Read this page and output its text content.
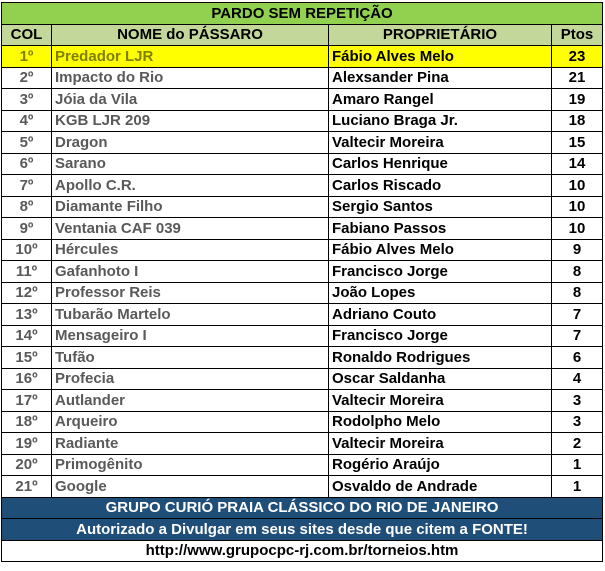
PARDO SEM REPETIÇÃO			
COL	NOME do PÁSSARO	PROPRIETÁRIO	Ptos
1º	Predador LJR	Fábio Alves Melo	23
2º	Impacto do Rio	Alexsander Pina	21
3º	Jóia da Vila	Amaro Rangel	19
4º	KGB LJR 209	Luciano Braga Jr.	18
5º	Dragon	Valtecir Moreira	15
6º	Sarano	Carlos Henrique	14
7º	Apollo C.R.	Carlos Riscado	10
8º	Diamante Filho	Sergio Santos	10
9º	Ventania CAF 039	Fabiano Passos	10
10º	Hércules	Fábio Alves Melo	9
11º	Gafanhoto I	Francisco Jorge	8
12º	Professor Reis	João Lopes	8
13º	Tubarão Martelo	Adriano Couto	7
14º	Mensageiro I	Francisco Jorge	7
15º	Tufão	Ronaldo Rodrigues	6
16º	Profecia	Oscar Saldanha	4
17º	Autlander	Valtecir Moreira	3
18º	Arqueiro	Rodolpho Melo	3
19º	Radiante	Valtecir Moreira	2
20º	Primogênito	Rogério Araújo	1
21º	Google	Osvaldo de Andrade	1
GRUPO CURIÓ PRAIA CLÁSSICO DO RIO DE JANEIRO			
Autorizado a Divulgar em seus sites desde que citem a FONTE!			
http://www.grupocpc-rj.com.br/torneios.htm			
